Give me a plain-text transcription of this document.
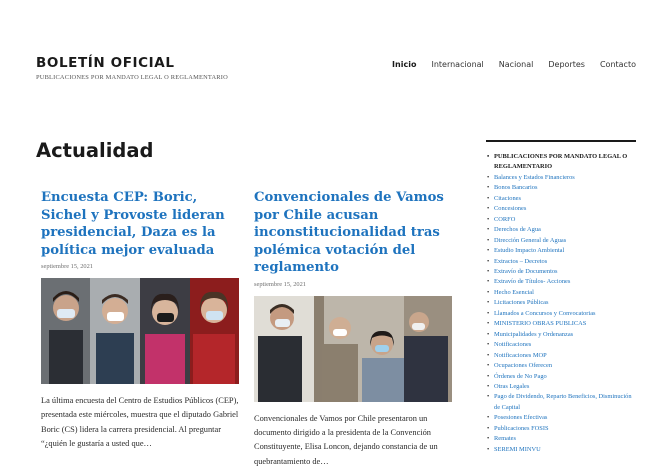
BOLETÍN OFICIAL
PUBLICACIONES POR MANDATO LEGAL O REGLAMENTARIO
Inicio Internacional Nacional Deportes Contacto
Actualidad
Encuesta CEP: Boric, Sichel y Provoste lideran presidencial, Daza es la política mejor evaluada
septiembre 15, 2021
La última encuesta del Centro de Estudios Públicos (CEP), presentada este miércoles, muestra que el diputado Gabriel Boric (CS) lidera la carrera presidencial. Al preguntar “¿quién le gustaría a usted que…
Convencionales de Vamos por Chile acusan inconstitucionalidad tras polémica votación del reglamento
septiembre 15, 2021
Convencionales de Vamos por Chile presentaron un documento dirigido a la presidenta de la Convención Constituyente, Elisa Loncon, dejando constancia de un quebrantamiento de…
• PUBLICACIONES POR MANDATO LEGAL O REGLAMENTARIO
• Balances y Estados Financieros
• Bonos Bancarios
• Citaciones
• Concesiones
• CORFO
• Derechos de Agua
• Dirección General de Aguas
• Estudio Impacto Ambiental
• Extractos – Decretos
• Extravío de Documentos
• Extravío de Títulos- Acciones
• Hecho Esencial
• Licitaciones Públicas
• Llamados a Concursos y Convocatorias
• MINISTERIO OBRAS PUBLICAS
• Municipalidades y Ordenanzas
• Notificaciones
• Notificaciones MOP
• Ocupaciones Oferecen
• Órdenes de No Pago
• Otras Legales
• Pago de Dividendo, Reparto Beneficios, Disminución de Capital
• Posesiones Efectivas
• Publicaciones FOSIS
• Remates
• SEREMI MINVU
